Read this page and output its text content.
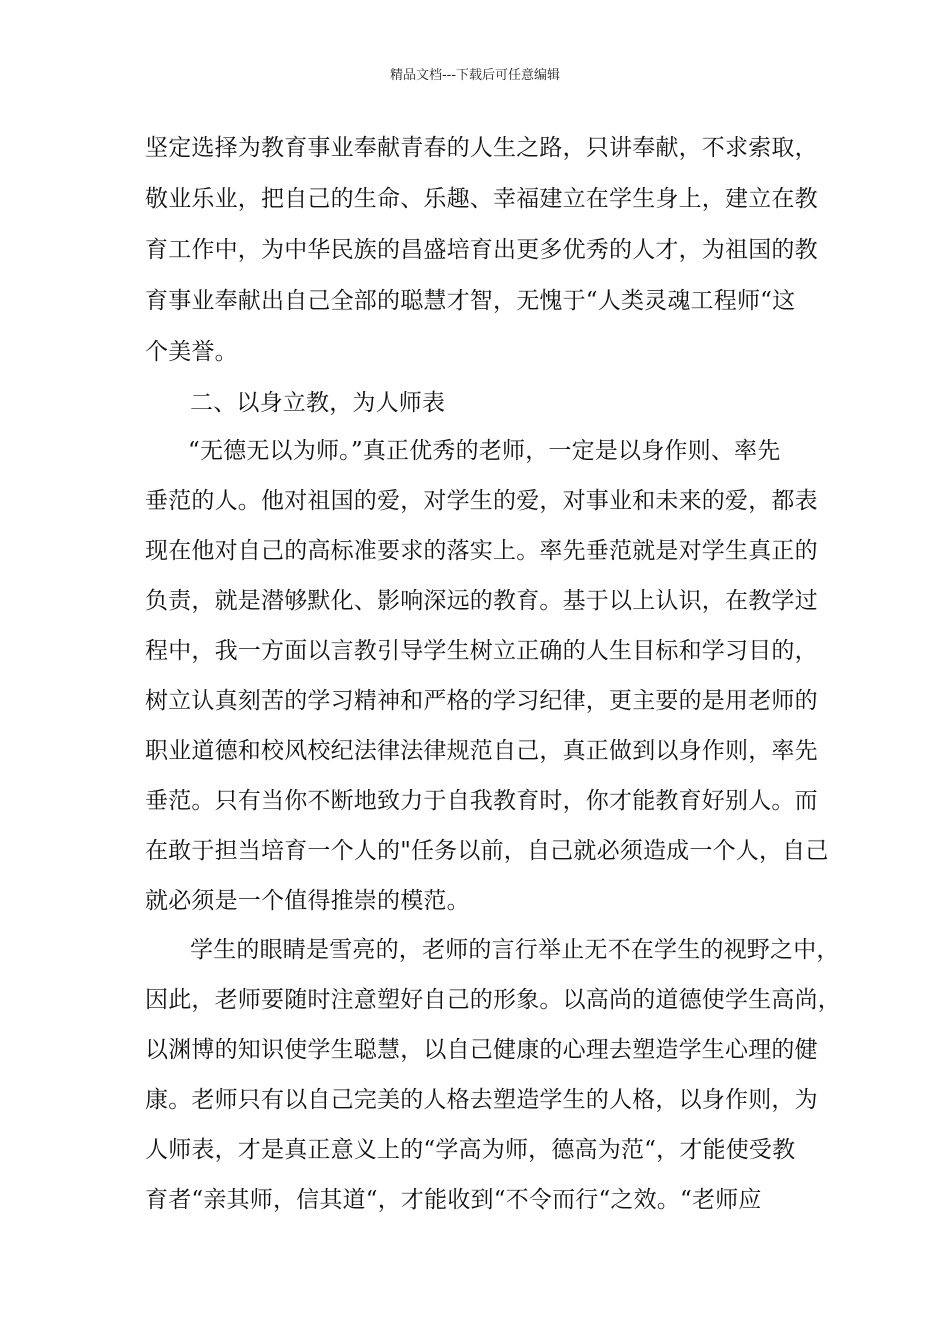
精品文档---下载后可任意编辑
坚定选择为教育事业奉献青春的人生之路，只讲奉献，不求索取，
敬业乐业，把自己的生命、乐趣、幸福建立在学生身上，建立在教
育工作中，为中华民族的昌盛培育出更多优秀的人才，为祖国的教
育事业奉献出自己全部的聪慧才智，无愧于“人类灵魂工程师“这
个美誉。
二、以身立教，为人师表
“无德无以为师。”真正优秀的老师，一定是以身作则、率先
垂范的人。他对祖国的爱，对学生的爱，对事业和未来的爱，都表
现在他对自己的高标准要求的落实上。率先垂范就是对学生真正的
负责，就是潜够默化、影响深远的教育。基于以上认识，在教学过
程中，我一方面以言教引导学生树立正确的人生目标和学习目的，
树立认真刻苦的学习精神和严格的学习纪律，更主要的是用老师的
职业道德和校风校纪法律法律规范自己，真正做到以身作则，率先
垂范。只有当你不断地致力于自我教育时，你才能教育好别人。而
在敢于担当培育一个人的"任务以前，自己就必须造成一个人，自己
就必须是一个值得推崇的模范。
学生的眼睛是雪亮的，老师的言行举止无不在学生的视野之中，
因此，老师要随时注意塑好自己的形象。以高尚的道德使学生高尚，
以渊博的知识使学生聪慧，以自己健康的心理去塑造学生心理的健
康。老师只有以自己完美的人格去塑造学生的人格，以身作则，为
人师表，才是真正意义上的“学高为师，德高为范“，才能使受教
育者“亲其师，信其道“，才能收到“不令而行“之效。“老师应
